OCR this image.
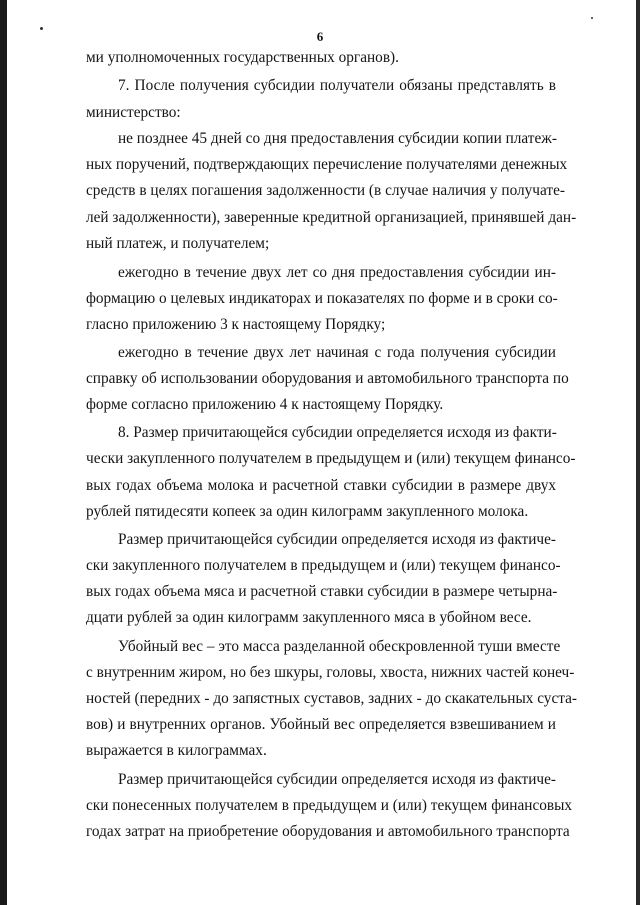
6
ми уполномоченных государственных органов).
7. После получения субсидии получатели обязаны представлять в
министерство:
не позднее 45 дней со дня предоставления субсидии копии платеж-
ных поручений, подтверждающих перечисление получателями денежных
средств в целях погашения задолженности (в случае наличия у получате-
лей задолженности), заверенные кредитной организацией, принявшей дан-
ный платеж, и получателем;
ежегодно в течение двух лет со дня предоставления субсидии ин-
формацию о целевых индикаторах и показателях по форме и в сроки со-
гласно приложению 3 к настоящему Порядку;
ежегодно в течение двух лет начиная с года получения субсидии
справку об использовании оборудования и автомобильного транспорта по
форме согласно приложению 4 к настоящему Порядку.
8. Размер причитающейся субсидии определяется исходя из факти-
чески закупленного получателем в предыдущем и (или) текущем финансо-
вых годах объема молока и расчетной ставки субсидии в размере двух
рублей пятидесяти копеек за один килограмм закупленного молока.
Размер причитающейся субсидии определяется исходя из фактиче-
ски закупленного получателем в предыдущем и (или) текущем финансо-
вых годах объема мяса и расчетной ставки субсидии в размере четырна-
дцати рублей за один килограмм закупленного мяса в убойном весе.
Убойный вес – это масса разделанной обескровленной туши вместе
с внутренним жиром, но без шкуры, головы, хвоста, нижних частей конеч-
ностей (передних - до запястных суставов, задних - до скакательных суста-
вов) и внутренних органов. Убойный вес определяется взвешиванием и
выражается в килограммах.
Размер причитающейся субсидии определяется исходя из фактиче-
ски понесенных получателем в предыдущем и (или) текущем финансовых
годах затрат на приобретение оборудования и автомобильного транспорта
